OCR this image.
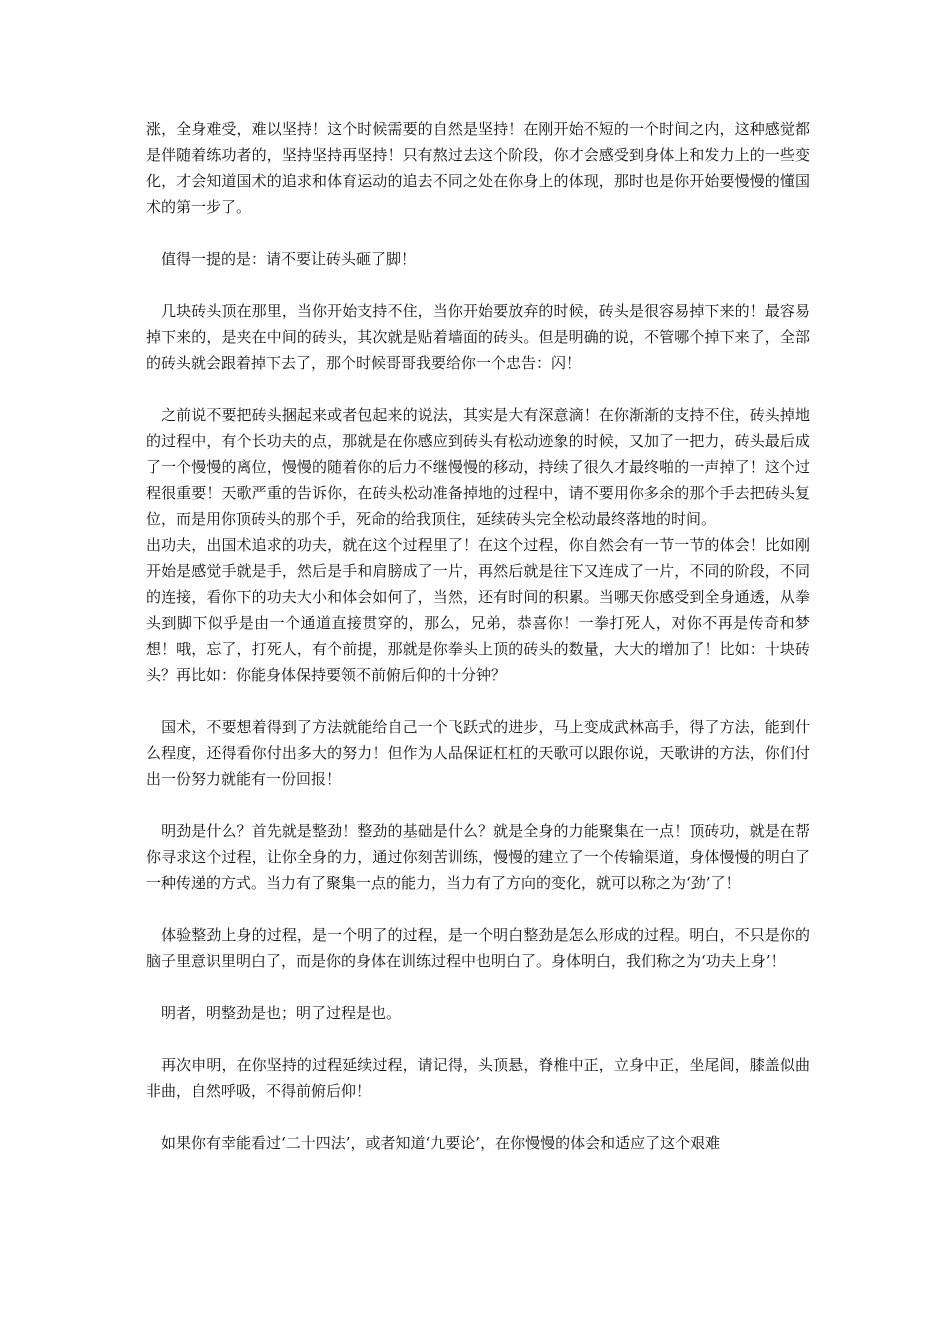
涨，全身难受，难以坚持！这个时候需要的自然是坚持！在刚开始不短的一个时间之内，这种感觉都是伴随着练功者的，坚持坚持再坚持！只有熬过去这个阶段，你才会感受到身体上和发力上的一些变化，才会知道国术的追求和体育运动的追去不同之处在你身上的体现，那时也是你开始要慢慢的懂国术的第一步了。

　值得一提的是：请不要让砖头砸了脚！

　几块砖头顶在那里，当你开始支持不住，当你开始要放弃的时候，砖头是很容易掉下来的！最容易掉下来的，是夹在中间的砖头，其次就是贴着墙面的砖头。但是明确的说，不管哪个掉下来了，全部的砖头就会跟着掉下去了，那个时候哥哥我要给你一个忠告：闪！

　之前说不要把砖头捆起来或者包起来的说法，其实是大有深意滴！在你渐渐的支持不住，砖头掉地的过程中，有个长功夫的点，那就是在你感应到砖头有松动迹象的时候，又加了一把力，砖头最后成了一个慢慢的离位，慢慢的随着你的后力不继慢慢的移动，持续了很久才最终啪的一声掉了！这个过程很重要！天歌严重的告诉你，在砖头松动准备掉地的过程中，请不要用你多余的那个手去把砖头复位，而是用你顶砖头的那个手，死命的给我顶住，延续砖头完全松动最终落地的时间。

出功夫，出国术追求的功夫，就在这个过程里了！在这个过程，你自然会有一节一节的体会！比如刚开始是感觉手就是手，然后是手和肩膀成了一片，再然后就是往下又连成了一片，不同的阶段，不同的连接，看你下的功夫大小和体会如何了，当然，还有时间的积累。当哪天你感受到全身通透，从拳头到脚下似乎是由一个通道直接贯穿的，那么，兄弟，恭喜你！一拳打死人，对你不再是传奇和梦想！哦，忘了，打死人，有个前提，那就是你拳头上顶的砖头的数量，大大的增加了！比如：十块砖头？再比如：你能身体保持要领不前俯后仰的十分钟？

　国术，不要想着得到了方法就能给自己一个飞跃式的进步，马上变成武林高手，得了方法，能到什么程度，还得看你付出多大的努力！但作为人品保证杠杠的天歌可以跟你说，天歌讲的方法，你们付出一份努力就能有一份回报！

　明劲是什么？首先就是整劲！整劲的基础是什么？就是全身的力能聚集在一点！顶砖功，就是在帮你寻求这个过程，让你全身的力，通过你刻苦训练，慢慢的建立了一个传输渠道，身体慢慢的明白了一种传递的方式。当力有了聚集一点的能力，当力有了方向的变化，就可以称之为‘劲’了！

　体验整劲上身的过程，是一个明了的过程，是一个明白整劲是怎么形成的过程。明白，不只是你的脑子里意识里明白了，而是你的身体在训练过程中也明白了。身体明白，我们称之为‘功夫上身’！

　明者，明整劲是也；明了过程是也。

　再次申明，在你坚持的过程延续过程，请记得，头顶悬，脊椎中正，立身中正，坐尾闾，膝盖似曲非曲，自然呼吸，不得前俯后仰！

　如果你有幸能看过‘二十四法’，或者知道‘九要论’，在你慢慢的体会和适应了这个艰难
